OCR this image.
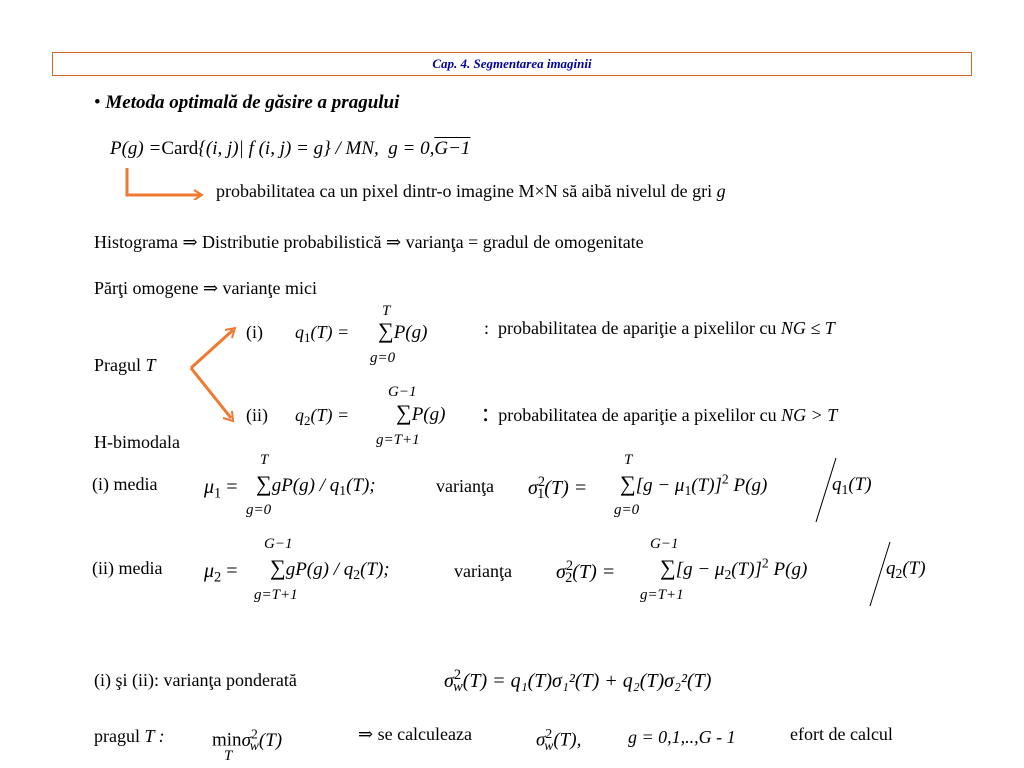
Cap. 4. Segmentarea imaginii
• Metoda optimală de găsire a pragului
P(g) =Card{(i, j)| f (i, j) = g} / MN, g = 0,G−1
probabilitatea ca un pixel dintr-o imagine M×N să aibă nivelul de gri g
Histograma ⇒ Distributie probabilistică ⇒ varianţa = gradul de omogenitate
Părţi omogene ⇒ varianţe mici
Pragul T
(i) $q_1(T)$ =
T
∑P(g)
g=0
: probabilitatea de apariţie a pixelilor cu NG ≤ T
(ii) $q_2(T)$ =
G−1
∑P(g)
g=T+1
: probabilitatea de apariţie a pixelilor cu NG > T
H-bimodala
(i) media $\mu_1$ =
T
$\sum gP(g) / q_1(T)$;
g=0
varianţa $\sigma^2_1(T)$ =
T
$\sum[g - \mu_1(T)]^2$ P(g)	$q_1(T)$
g=0
(ii) media $\mu_2$ =
G−1
$\sum gP(g) / q_2(T)$;
g=T+1
varianţa $\sigma^2_2(T)$ =
G−1
$\sum[g - \mu_2(T)]^2$ P(g)	$q_2(T)$
g=T+1
(i) şi (ii): varianţa ponderată	$\sigma^2_w(T) = q_1(T)\sigma_1^2(T) + q_2(T)\sigma_2^2(T)$
pragul T : minσ$^2_w$(T)
T
⇒ se calculeaza	$\sigma^2_w(T)$,	g = 0,1,..,G - 1	efort de calcul
